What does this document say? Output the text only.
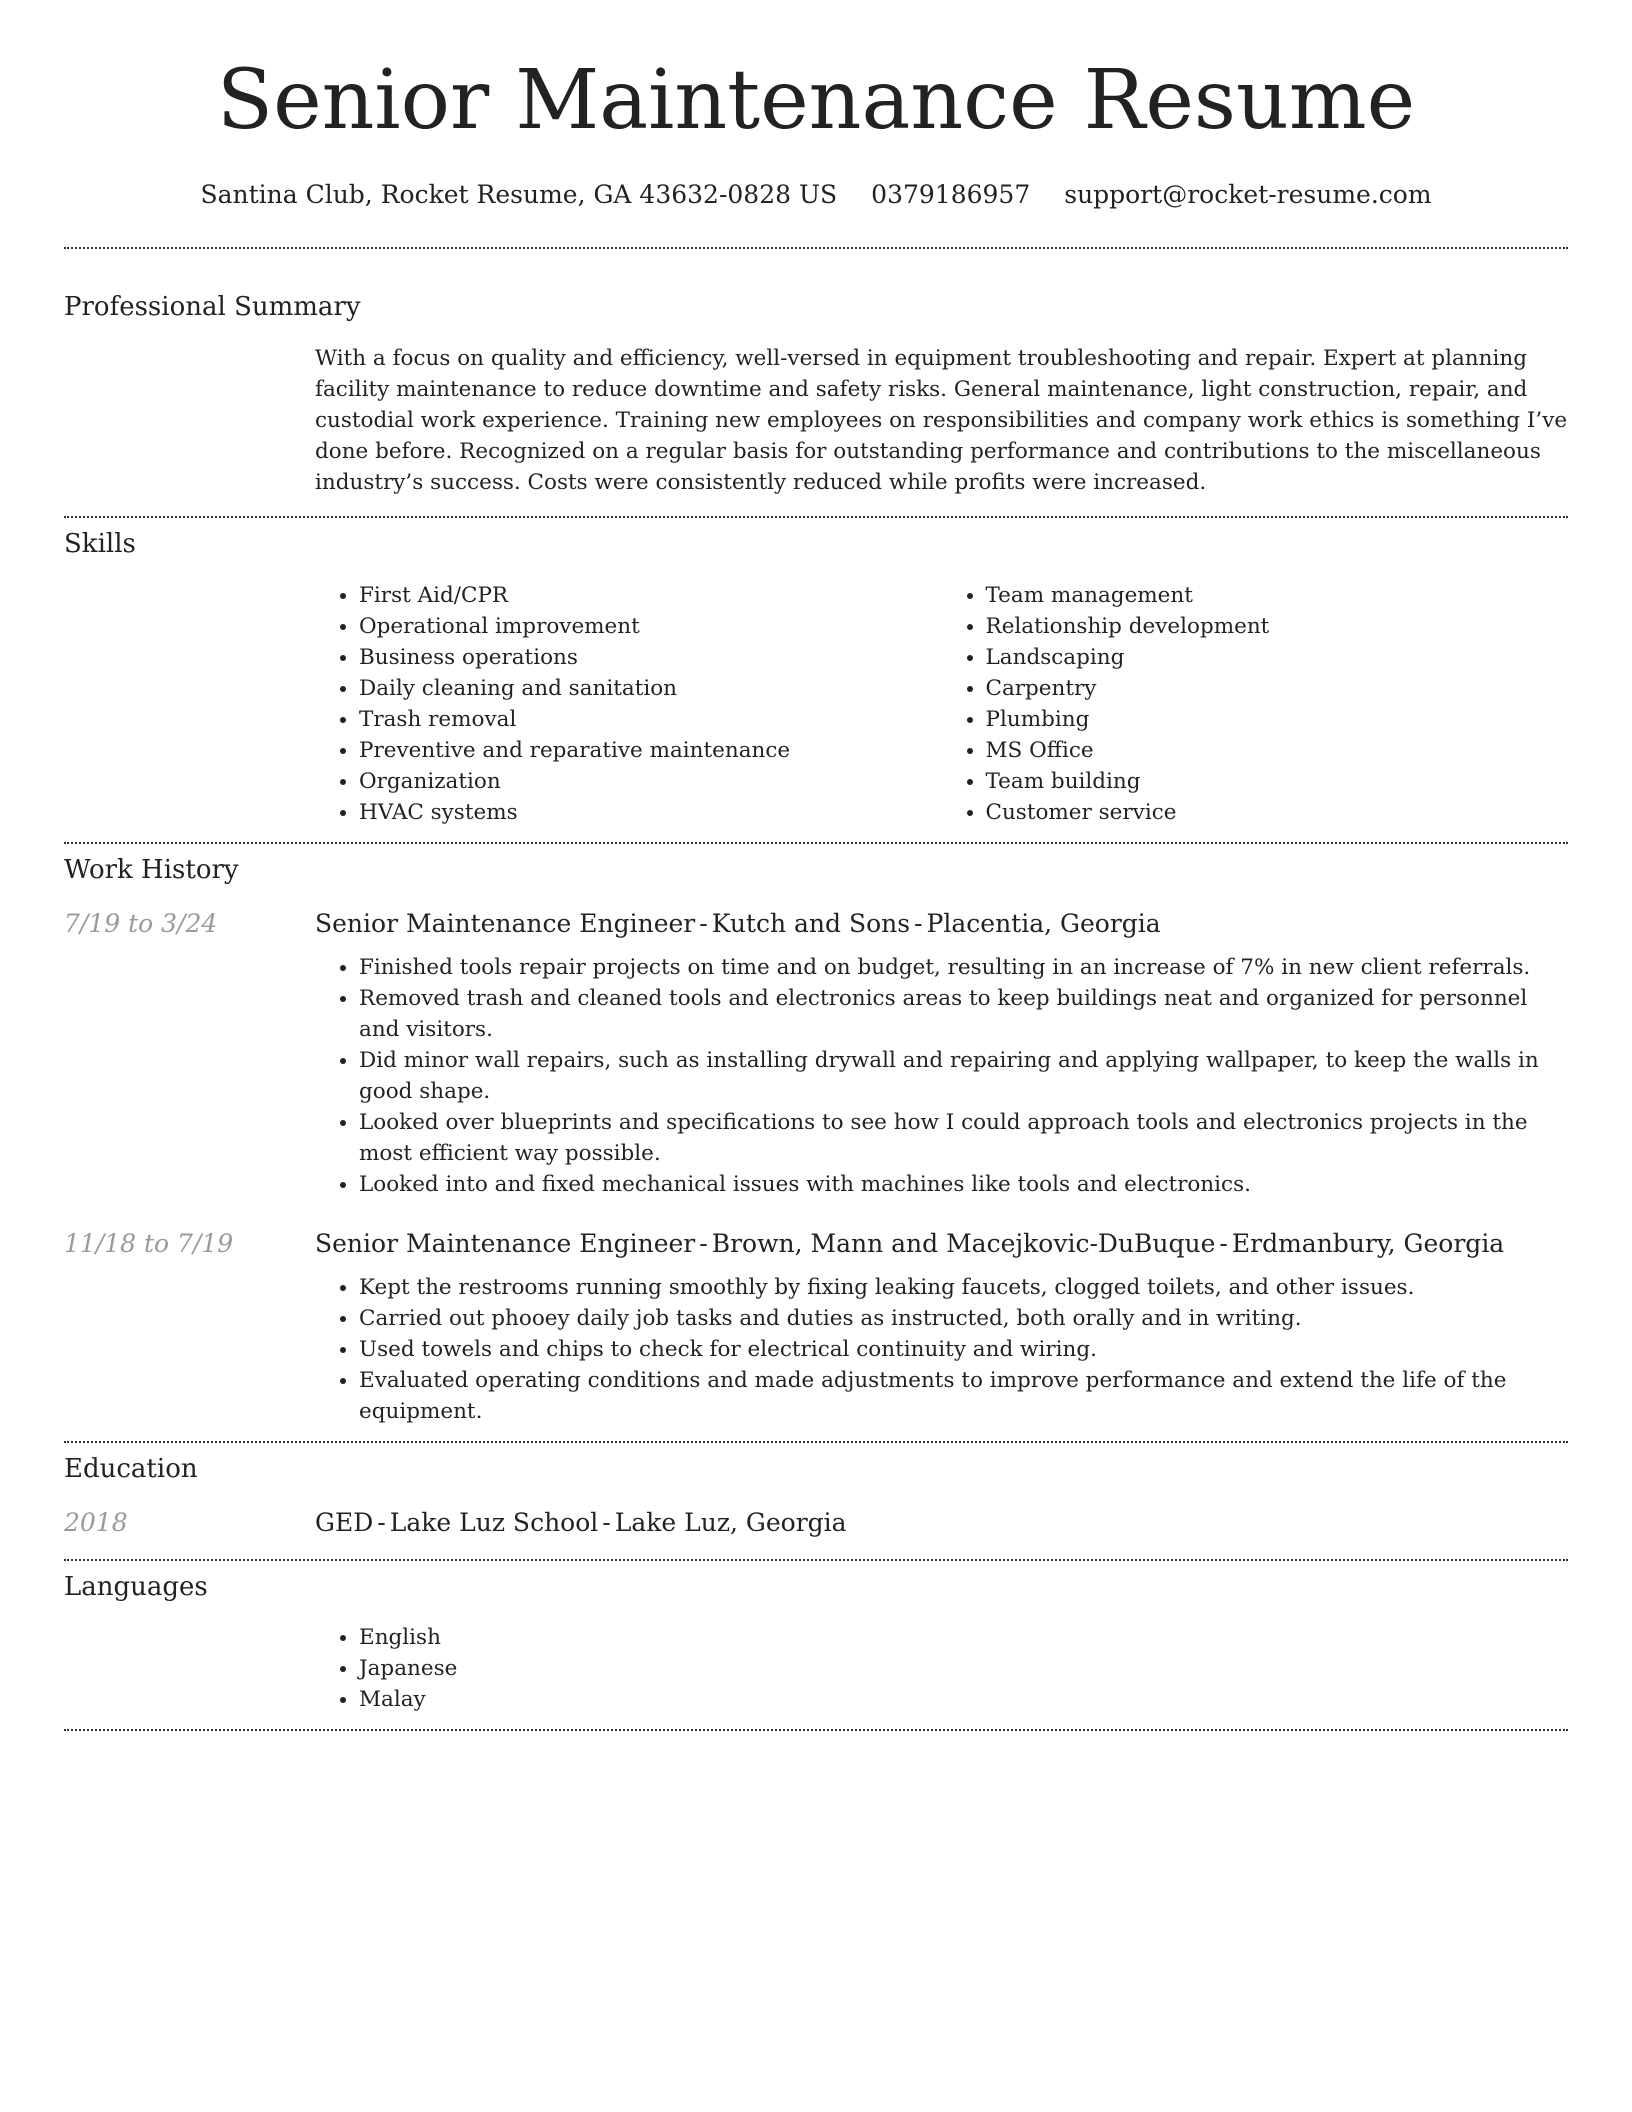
Senior Maintenance Resume
Santina Club, Rocket Resume, GA 43632-0828 US 0379186957 support@rocket-resume.com
Professional Summary

With a focus on quality and efficiency, well-versed in equipment troubleshooting and repair. Expert at planning facility maintenance to reduce downtime and safety risks. General maintenance, light construction, repair, and custodial work experience. Training new employees on responsibilities and company work ethics is something I’ve done before. Recognized on a regular basis for outstanding performance and contributions to the miscellaneous industry’s success. Costs were consistently reduced while profits were increased.

Skills
• First Aid/CPR
• Operational improvement
• Business operations
• Daily cleaning and sanitation
• Trash removal
• Preventive and reparative maintenance
• Organization
• HVAC systems
• Team management
• Relationship development
• Landscaping
• Carpentry
• Plumbing
• MS Office
• Team building
• Customer service
Work History
7/19 to 3/24	Senior Maintenance Engineer - Kutch and Sons - Placentia, Georgia
• Finished tools repair projects on time and on budget, resulting in an increase of 7% in new client referrals.
• Removed trash and cleaned tools and electronics areas to keep buildings neat and organized for personnel and visitors.
• Did minor wall repairs, such as installing drywall and repairing and applying wallpaper, to keep the walls in good shape.
• Looked over blueprints and specifications to see how I could approach tools and electronics projects in the most efficient way possible.
• Looked into and fixed mechanical issues with machines like tools and electronics.
11/18 to 7/19	Senior Maintenance Engineer - Brown, Mann and Macejkovic-DuBuque - Erdmanbury, Georgia
• Kept the restrooms running smoothly by fixing leaking faucets, clogged toilets, and other issues.
• Carried out phooey daily job tasks and duties as instructed, both orally and in writing.
• Used towels and chips to check for electrical continuity and wiring.
• Evaluated operating conditions and made adjustments to improve performance and extend the life of the equipment.
Education
2018	GED - Lake Luz School - Lake Luz, Georgia
Languages
• English
• Japanese
• Malay
